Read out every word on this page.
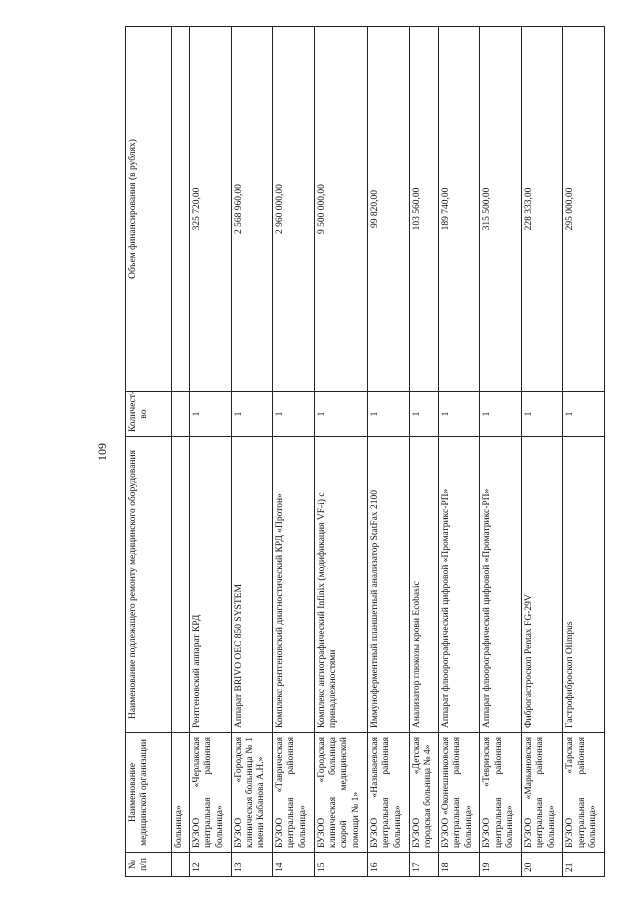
109
№ п/п	Наименование медицинской организации	Наименование подлежащего ремонту медицинского оборудования	Количест-во	Объем финансирования (в рублях)
	больница»			
12	БУЗОО «Черлакская центральная районная больница»	Рентгеновский аппарат КРД	1	325 720,00
13	БУЗОО «Городская клиническая больница № 1 имени Кабанова А.Н.»	Аппарат BRIVO OEC 850 SYSTEM	1	2 568 960,00
14	БУЗОО «Таврическая центральная районная больница»	Комплекс рентгеновский диагностический КРД «Протон»	1	2 960 000,00
15	БУЗОО «Городская клиническая больница скорой медицинской помощи № 1»	Комплекс ангиографический Infinix (модификация VF-i) с принадлежностями	1	9 500 000,00
16	БУЗОО «Называевская центральная районная больница»	Иммуноферментный планшетный анализатор StatFax 2100	1	99 820,00
17	БУЗОО «Детская городская больница № 4»	Анализатор глюкозы крови Ecobasic	1	103 560,00
18	БУЗОО «Оконешниковская центральная районная больница»	Аппарат флюорографический цифровой «Проматрикс-РП»	1	189 740,00
19	БУЗОО «Тевризская центральная районная больница»	Аппарат флюорографический цифровой «Проматрикс-РП»	1	315 500,00
20	БУЗОО «Марьяновская центральная районная больница»	Фиброгастроскоп Pentax FG-29V	1	228 333,00
21	БУЗОО «Тарская центральная районная больница»	Гастрофиброскоп Olimpus	1	295 000,00
